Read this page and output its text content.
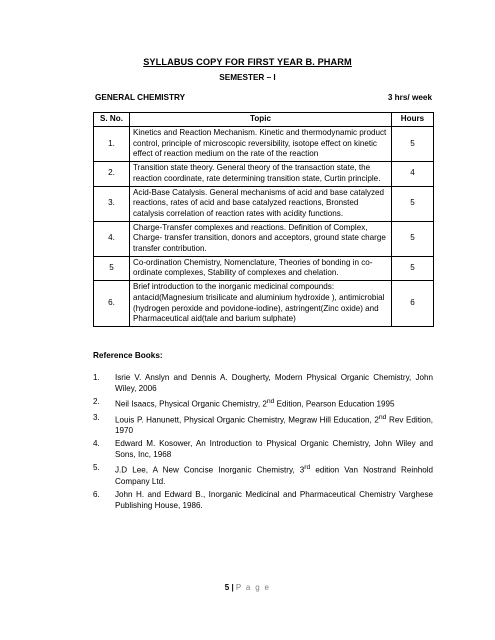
SYLLABUS COPY FOR FIRST YEAR B. PHARM
SEMESTER – I
GENERAL CHEMISTRY	3 hrs/ week
S. No.	Topic	Hours
1.	Kinetics and Reaction Mechanism. Kinetic and thermodynamic product control, principle of microscopic reversibility, isotope effect on kinetic effect of reaction medium on the rate of the reaction	5
2.	Transition state theory. General theory of the transaction state, the reaction coordinate, rate determining transition state, Curtin principle.	4
3.	Acid-Base Catalysis. General mechanisms of acid and base catalyzed reactions, rates of acid and base catalyzed reactions, Bronsted catalysis correlation of reaction rates with acidity functions.	5
4.	Charge-Transfer complexes and reactions. Definition of Complex, Charge- transfer transition, donors and acceptors, ground state charge transfer contribution.	5
5	Co-ordination Chemistry, Nomenclature, Theories of bonding in co-ordinate complexes, Stability of complexes and chelation.	5
6.	Brief introduction to the inorganic medicinal compounds: antacid(Magnesium trisilicate and aluminium hydroxide ), antimicrobial (hydrogen peroxide and povidone-iodine), astringent(Zinc oxide) and Pharmaceutical aid(tale and barium sulphate)	6
Reference Books:
1. Isrie V. Anslyn and Dennis A. Dougherty, Modern Physical Organic Chemistry, John Wiley, 2006
2. Neil Isaacs, Physical Organic Chemistry, 2nd Edition, Pearson Education 1995
3. Louis P. Hanunett, Physical Organic Chemistry, Megraw Hill Education, 2nd Rev Edition, 1970
4. Edward M. Kosower, An Introduction to Physical Organic Chemistry, John Wiley and Sons, Inc, 1968
5. J.D Lee, A New Concise Inorganic Chemistry, 3rd edition Van Nostrand Reinhold Company Ltd.
6. John H. and Edward B., Inorganic Medicinal and Pharmaceutical Chemistry Varghese Publishing House, 1986.
5 | P a g e
